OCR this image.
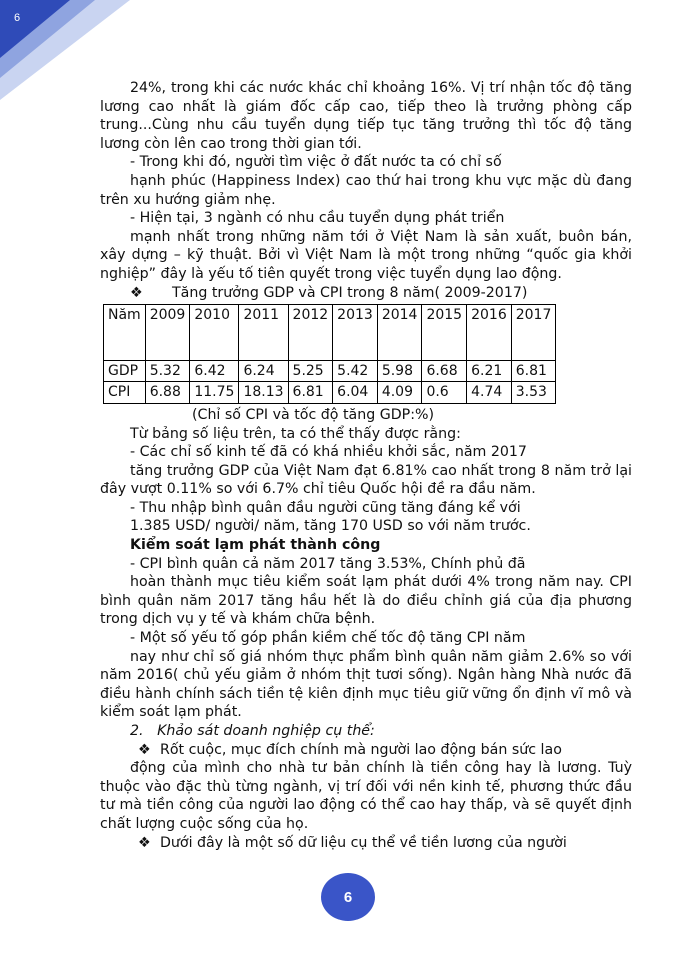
6

24%, trong khi các nước khác chỉ khoảng 16%. Vị trí nhận tốc độ tăng lương cao nhất là giám đốc cấp cao, tiếp theo là trưởng phòng cấp trung...Cùng nhu cầu tuyển dụng tiếp tục tăng trưởng thì tốc độ tăng lương còn lên cao trong thời gian tới.

- Trong khi đó, người tìm việc ở đất nước ta có chỉ số

hạnh phúc (Happiness Index) cao thứ hai trong khu vực mặc dù đang trên xu hướng giảm nhẹ.

- Hiện tại, 3 ngành có nhu cầu tuyển dụng phát triển

mạnh nhất trong những năm tới ở Việt Nam là sản xuất, buôn bán, xây dựng – kỹ thuật. Bởi vì Việt Nam là một trong những “quốc gia khởi nghiệp” đây là yếu tố tiên quyết trong việc tuyển dụng lao động.

❖ Tăng trưởng GDP và CPI trong 8 năm( 2009-2017)

Năm	2009	2010	2011	2012	2013	2014	2015	2016	2017

GDP	5.32	6.42	6.24	5.25	5.42	5.98	6.68	6.21	6.81
CPI	6.88	11.75	18.13	6.81	6.04	4.09	0.6	4.74	3.53

(Chỉ số CPI và tốc độ tăng GDP:%)

Từ bảng số liệu trên, ta có thể thấy được rằng:

- Các chỉ số kinh tế đã có khá nhiều khởi sắc, năm 2017

tăng trưởng GDP của Việt Nam đạt 6.81% cao nhất trong 8 năm trở lại đây vượt 0.11% so với 6.7% chỉ tiêu Quốc hội đề ra đầu năm.

- Thu nhập bình quân đầu người cũng tăng đáng kể với

1.385 USD/ người/ năm, tăng 170 USD so với năm trước.

Kiểm soát lạm phát thành công

- CPI bình quân cả năm 2017 tăng 3.53%, Chính phủ đã

hoàn thành mục tiêu kiểm soát lạm phát dưới 4% trong năm nay. CPI bình quân năm 2017 tăng hầu hết là do điều chỉnh giá của địa phương trong dịch vụ y tế và khám chữa bệnh.

- Một số yếu tố góp phần kiềm chế tốc độ tăng CPI năm

nay như chỉ số giá nhóm thực phẩm bình quân năm giảm 2.6% so với năm 2016( chủ yếu giảm ở nhóm thịt tươi sống). Ngân hàng Nhà nước đã điều hành chính sách tiền tệ kiên định mục tiêu giữ vững ổn định vĩ mô và kiểm soát lạm phát.

2.   Khảo sát doanh nghiệp cụ thể:

❖ Rốt cuộc, mục đích chính mà người lao động bán sức lao

động của mình cho nhà tư bản chính là tiền công hay là lương. Tuỳ thuộc vào đặc thù từng ngành, vị trí đối với nền kinh tế, phương thức đầu tư mà tiền công của người lao động có thể cao hay thấp, và sẽ quyết định chất lượng cuộc sống của họ.

❖ Dưới đây là một số dữ liệu cụ thể về tiền lương của người

6
